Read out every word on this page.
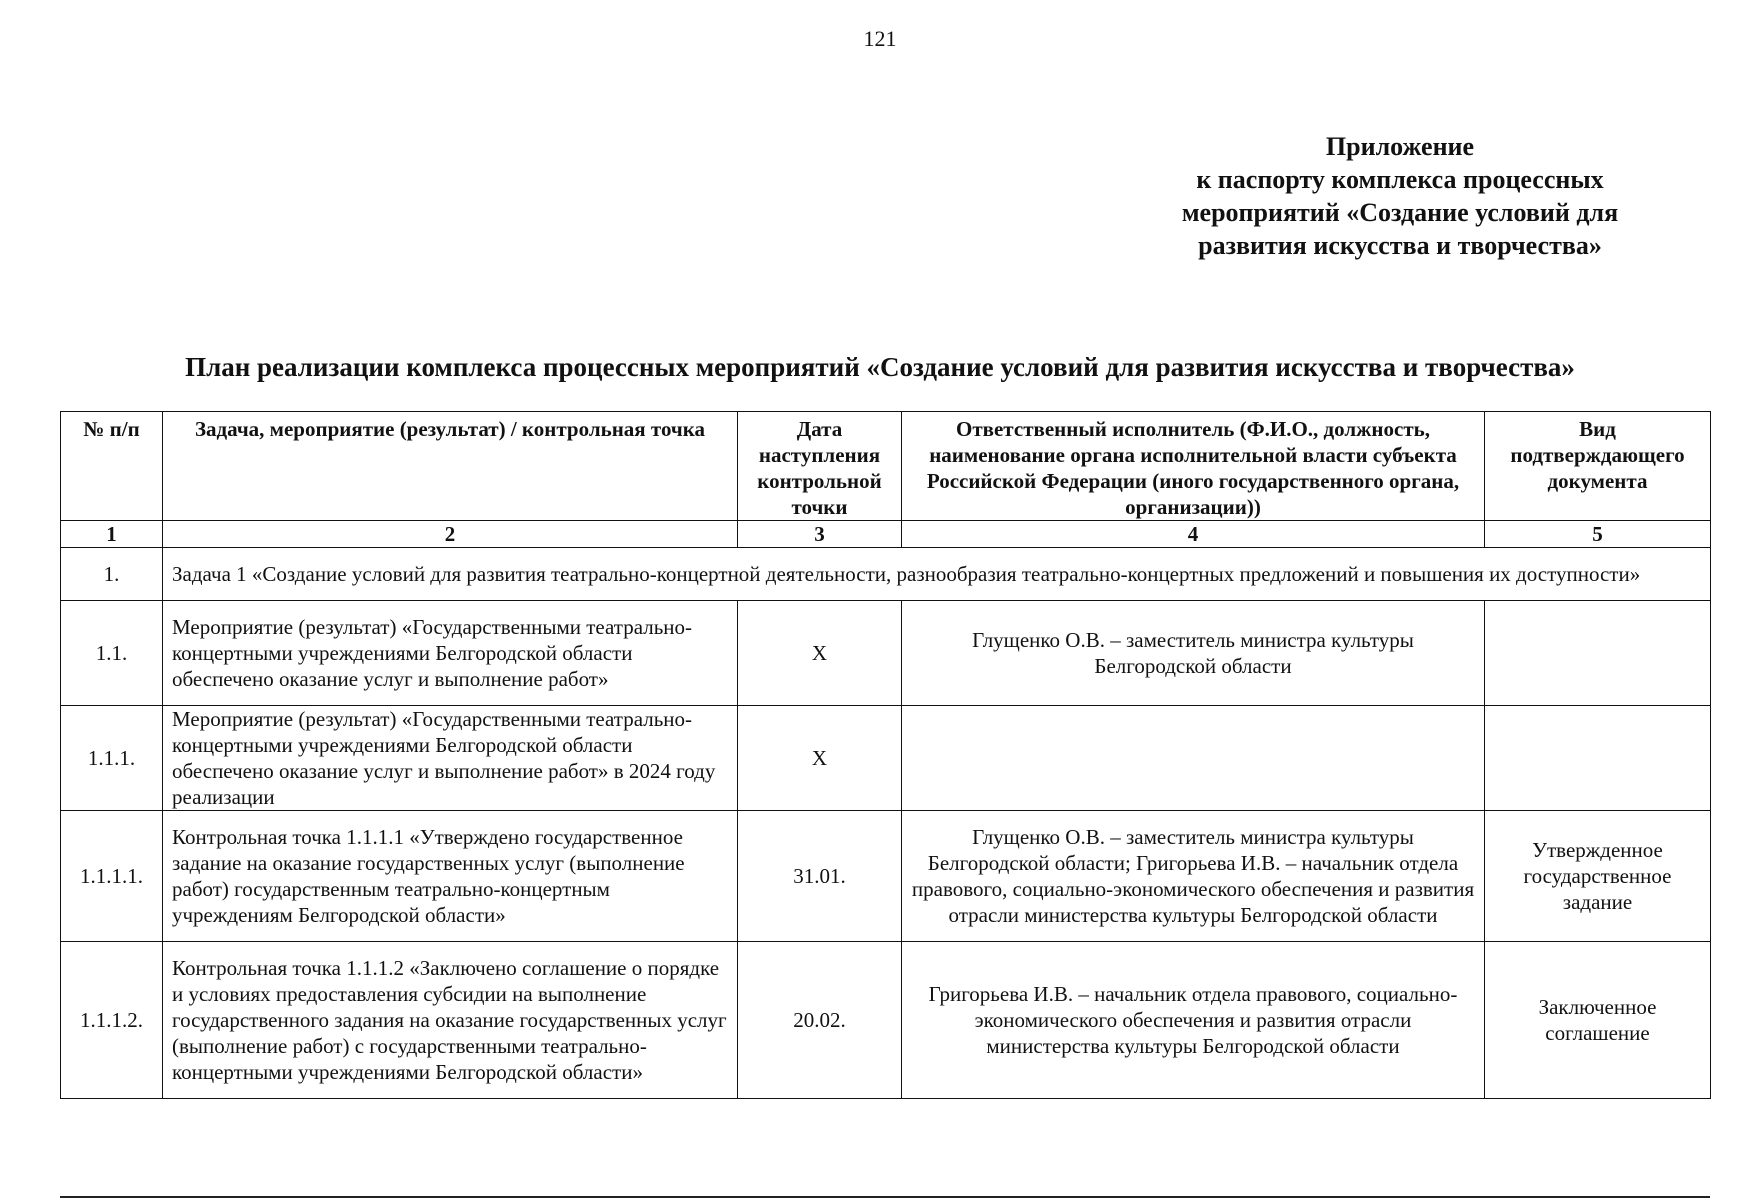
121
Приложение
к паспорту комплекса процессных
мероприятий «Создание условий для
развития искусства и творчества»
План реализации комплекса процессных мероприятий «Создание условий для развития искусства и творчества»
№ п/п	Задача, мероприятие (результат) / контрольная точка	Дата наступления контрольной точки	Ответственный исполнитель (Ф.И.О., должность, наименование органа исполнительной власти субъекта Российской Федерации (иного государственного органа, организации))	Вид подтверждающего документа
1	2	3	4	5
1.	Задача 1 «Создание условий для развития театрально-концертной деятельности, разнообразия театрально-концертных предложений и повышения их доступности»			
1.1.	Мероприятие (результат) «Государственными театрально-концертными учреждениями Белгородской области обеспечено оказание услуг и выполнение работ»	X	Глущенко О.В. – заместитель министра культуры Белгородской области	
1.1.1.	Мероприятие (результат) «Государственными театрально-концертными учреждениями Белгородской области обеспечено оказание услуг и выполнение работ» в 2024 году реализации	X		
1.1.1.1.	Контрольная точка 1.1.1.1 «Утверждено государственное задание на оказание государственных услуг (выполнение работ) государственным театрально-концертным учреждениям Белгородской области»	31.01.	Глущенко О.В. – заместитель министра культуры Белгородской области; Григорьева И.В. – начальник отдела правового, социально-экономического обеспечения и развития отрасли министерства культуры Белгородской области	Утвержденное государственное задание
1.1.1.2.	Контрольная точка 1.1.1.2 «Заключено соглашение о порядке и условиях предоставления субсидии на выполнение государственного задания на оказание государственных услуг (выполнение работ) с государственными театрально-концертными учреждениями Белгородской области»	20.02.	Григорьева И.В. – начальник отдела правового, социально-экономического обеспечения и развития отрасли министерства культуры Белгородской области	Заключенное соглашение
